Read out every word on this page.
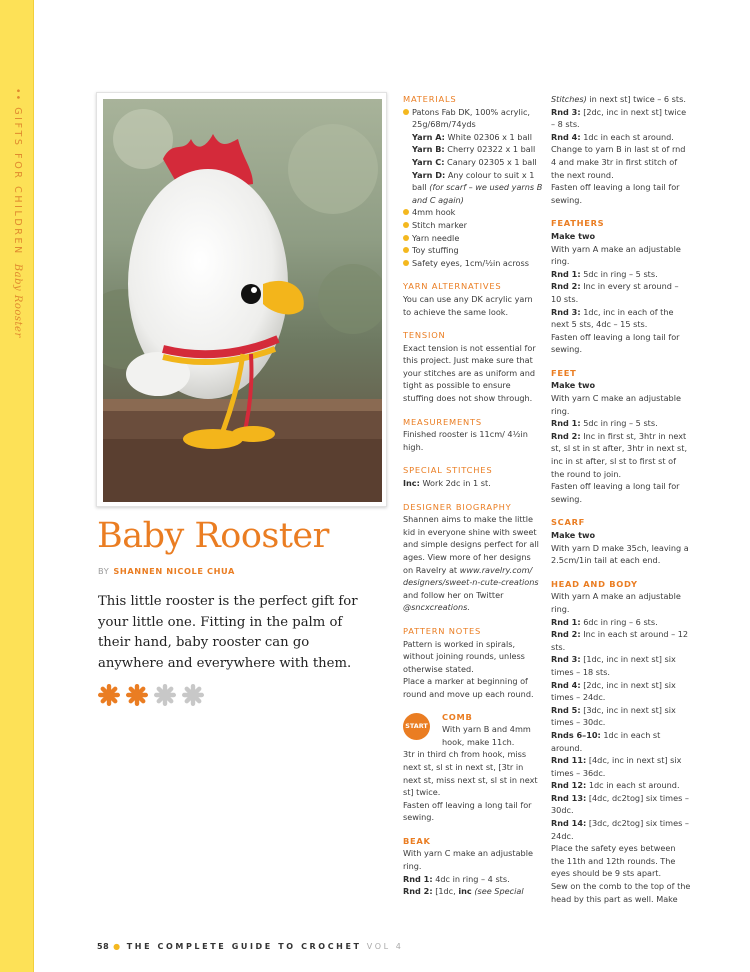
••GIFTS FOR CHILDRENBaby Rooster
Baby Rooster
BY SHANNEN NICOLE CHUA
This little rooster is the perfect gift for your little one. Fitting in the palm of their hand, baby rooster can go anywhere and everywhere with them.
MATERIALS
Patons Fab DK, 100% acrylic, 25g/68m/74yds
Yarn A: White 02306 x 1 ball
Yarn B: Cherry 02322 x 1 ball
Yarn C: Canary 02305 x 1 ball
Yarn D: Any colour to suit x 1 ball (for scarf – we used yarns B and C again)
4mm hook
Stitch marker
Yarn needle
Toy stuffing
Safety eyes, 1cm/½in across
YARN ALTERNATIVES
You can use any DK acrylic yarn to achieve the same look.
TENSION
Exact tension is not essential for this project. Just make sure that your stitches are as uniform and tight as possible to ensure stuffing does not show through.
MEASUREMENTS
Finished rooster is 11cm/ 4½in high.
SPECIAL STITCHES
Inc: Work 2dc in 1 st.
DESIGNER BIOGRAPHY
Shannen aims to make the little kid in everyone shine with sweet and simple designs perfect for all ages. View more of her designs on Ravelry at www.ravelry.com/ designers/sweet-n-cute-creations and follow her on Twitter @sncxcreations.
PATTERN NOTES
Pattern is worked in spirals, without joining rounds, unless otherwise stated.
Place a marker at beginning of round and move up each round.
START
COMB
With yarn B and 4mm hook, make 11ch.
3tr in third ch from hook, miss next st, sl st in next st, [3tr in next st, miss next st, sl st in next st] twice.
Fasten off leaving a long tail for sewing.
BEAK
With yarn C make an adjustable ring.
Rnd 1: 4dc in ring – 4 sts.
Rnd 2: [1dc, inc (see Special
Stitches) in next st] twice – 6 sts.
Rnd 3: [2dc, inc in next st] twice – 8 sts.
Rnd 4: 1dc in each st around.
Change to yarn B in last st of rnd 4 and make 3tr in first stitch of the next round.
Fasten off leaving a long tail for sewing.
FEATHERS
Make two
With yarn A make an adjustable ring.
Rnd 1: 5dc in ring – 5 sts.
Rnd 2: Inc in every st around – 10 sts.
Rnd 3: 1dc, inc in each of the next 5 sts, 4dc – 15 sts.
Fasten off leaving a long tail for sewing.
FEET
Make two
With yarn C make an adjustable ring.
Rnd 1: 5dc in ring – 5 sts.
Rnd 2: Inc in first st, 3htr in next st, sl st in st after, 3htr in next st, inc in st after, sl st to first st of the round to join.
Fasten off leaving a long tail for sewing.
SCARF
Make two
With yarn D make 35ch, leaving a 2.5cm/1in tail at each end.
HEAD AND BODY
With yarn A make an adjustable ring.
Rnd 1: 6dc in ring – 6 sts.
Rnd 2: Inc in each st around – 12 sts.
Rnd 3: [1dc, inc in next st] six times – 18 sts.
Rnd 4: [2dc, inc in next st] six times – 24dc.
Rnd 5: [3dc, inc in next st] six times – 30dc.
Rnds 6–10: 1dc in each st around.
Rnd 11: [4dc, inc in next st] six times – 36dc.
Rnd 12: 1dc in each st around.
Rnd 13: [4dc, dc2tog] six times – 30dc.
Rnd 14: [3dc, dc2tog] six times – 24dc.
Place the safety eyes between the 11th and 12th rounds. The eyes should be 9 sts apart.
Sew on the comb to the top of the head by this part as well. Make
58 ● THE COMPLETE GUIDE TO CROCHET VOL 4
